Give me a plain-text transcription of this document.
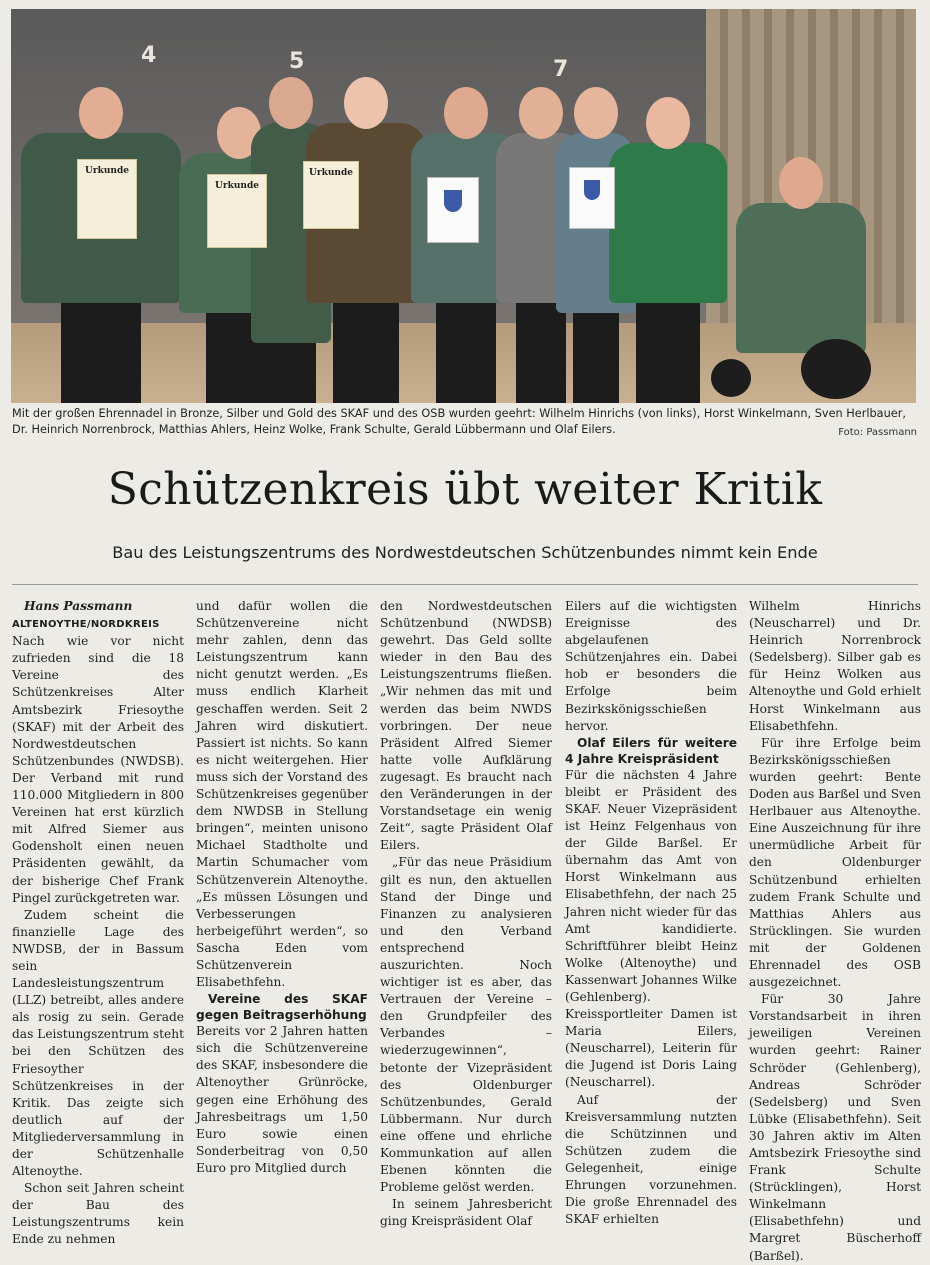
4	5	7
Urkunde
Urkunde
Urkunde
Mit der großen Ehrennadel in Bronze, Silber und Gold des SKAF und des OSB wurden geehrt: Wilhelm Hinrichs (von links), Horst Winkelmann, Sven Herlbauer, Dr. Heinrich Norrenbrock, Matthias Ahlers, Heinz Wolke, Frank Schulte, Gerald Lübbermann und Olaf Eilers.	Foto: Passmann
Schützenkreis übt weiter Kritik
Bau des Leistungszentrums des Nordwestdeutschen Schützenbundes nimmt kein Ende

Hans Passmann

ALTENOYTHE/NORDKREIS Nach wie vor nicht zufrieden sind die 18 Vereine des Schützenkreises Alter Amtsbezirk Friesoythe (SKAF) mit der Arbeit des Nordwestdeutschen Schützenbundes (NWDSB). Der Verband mit rund 110.000 Mitgliedern in 800 Vereinen hat erst kürzlich mit Alfred Siemer aus Godensholt einen neuen Präsidenten gewählt, da der bisherige Chef Frank Pingel zurückgetreten war.

Zudem scheint die finanzielle Lage des NWDSB, der in Bassum sein Landesleistungszentrum (LLZ) betreibt, alles andere als rosig zu sein. Gerade das Leistungszentrum steht bei den Schützen des Friesoyther Schützenkreises in der Kritik. Das zeigte sich deutlich auf der Mitgliederversammlung in der Schützenhalle Altenoythe.

Schon seit Jahren scheint der Bau des Leistungszentrums kein Ende zu nehmen

und dafür wollen die Schützenvereine nicht mehr zahlen, denn das Leistungszentrum kann nicht genutzt werden. „Es muss endlich Klarheit geschaffen werden. Seit 2 Jahren wird diskutiert. Passiert ist nichts. So kann es nicht weitergehen. Hier muss sich der Vorstand des Schützenkreises gegenüber dem NWDSB in Stellung bringen“, meinten unisono Michael Stadtholte und Martin Schumacher vom Schützenverein Altenoythe. „Es müssen Lösungen und Verbesserungen herbeigeführt werden“, so Sascha Eden vom Schützenverein Elisabethfehn.

Vereine des SKAF gegen Beitragserhöhung

Bereits vor 2 Jahren hatten sich die Schützenvereine des SKAF, insbesondere die Altenoyther Grünröcke, gegen eine Erhöhung des Jahresbeitrags um 1,50 Euro sowie einen Sonderbeitrag von 0,50 Euro pro Mitglied durch

den Nordwestdeutschen Schützenbund (NWDSB) gewehrt. Das Geld sollte wieder in den Bau des Leistungszentrums fließen. „Wir nehmen das mit und werden das beim NWDS vorbringen. Der neue Präsident Alfred Siemer hatte volle Aufklärung zugesagt. Es braucht nach den Veränderungen in der Vorstandsetage ein wenig Zeit“, sagte Präsident Olaf Eilers.

„Für das neue Präsidium gilt es nun, den aktuellen Stand der Dinge und Finanzen zu analysieren und den Verband entsprechend auszurichten. Noch wichtiger ist es aber, das Vertrauen der Vereine – den Grundpfeiler des Verbandes – wiederzugewinnen“, betonte der Vizepräsident des Oldenburger Schützenbundes, Gerald Lübbermann. Nur durch eine offene und ehrliche Kommunkation auf allen Ebenen könnten die Probleme gelöst werden.

In seinem Jahresbericht ging Kreispräsident Olaf

Eilers auf die wichtigsten Ereignisse des abgelaufenen Schützenjahres ein. Dabei hob er besonders die Erfolge beim Bezirkskönigsschießen hervor.

Olaf Eilers für weitere 4 Jahre Kreispräsident

Für die nächsten 4 Jahre bleibt er Präsident des SKAF. Neuer Vizepräsident ist Heinz Felgenhaus von der Gilde Barßel. Er übernahm das Amt von Horst Winkelmann aus Elisabethfehn, der nach 25 Jahren nicht wieder für das Amt kandidierte. Schriftführer bleibt Heinz Wolke (Altenoythe) und Kassenwart Johannes Wilke (Gehlenberg). Kreissportleiter Damen ist Maria Eilers, (Neuscharrel), Leiterin für die Jugend ist Doris Laing (Neuscharrel).

Auf der Kreisversammlung nutzten die Schützinnen und Schützen zudem die Gelegenheit, einige Ehrungen vorzunehmen. Die große Ehrennadel des SKAF erhielten

Wilhelm Hinrichs (Neuscharrel) und Dr. Heinrich Norrenbrock (Sedelsberg). Silber gab es für Heinz Wolken aus Altenoythe und Gold erhielt Horst Winkelmann aus Elisabethfehn.

Für ihre Erfolge beim Bezirkskönigsschießen wurden geehrt: Bente Doden aus Barßel und Sven Herlbauer aus Altenoythe. Eine Auszeichnung für ihre unermüdliche Arbeit für den Oldenburger Schützenbund erhielten zudem Frank Schulte und Matthias Ahlers aus Strücklingen. Sie wurden mit der Goldenen Ehrennadel des OSB ausgezeichnet.

Für 30 Jahre Vorstandsarbeit in ihren jeweiligen Vereinen wurden geehrt: Rainer Schröder (Gehlenberg), Andreas Schröder (Sedelsberg) und Sven Lübke (Elisabethfehn). Seit 30 Jahren aktiv im Alten Amtsbezirk Friesoythe sind Frank Schulte (Strücklingen), Horst Winkelmann (Elisabethfehn) und Margret Büscherhoff (Barßel).
